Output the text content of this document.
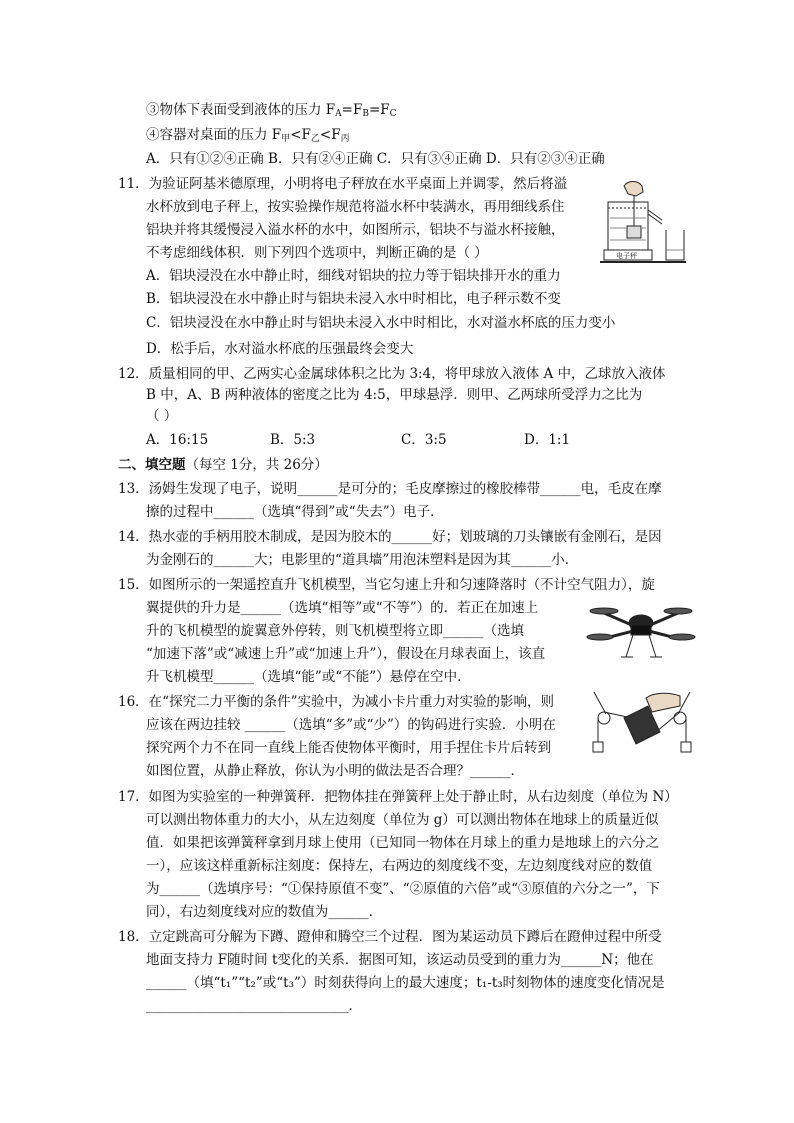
③物体下表面受到液体的压力 $F_A=F_B=F_C$
④容器对桌面的压力 $F_甲<F_乙<F_丙$
A．只有①②④正确 B．只有②④正确 C．只有③④正确 D．只有②③④正确
11．为验证阿基米德原理，小明将电子秤放在水平桌面上并调零，然后将溢
水杯放到电子秤上，按实验操作规范将溢水杯中装满水，再用细线系住
铝块并将其缓慢浸入溢水杯的水中，如图所示，铝块不与溢水杯接触，
不考虑细线体积．则下列四个选项中，判断正确的是（ ）
A．铝块浸没在水中静止时，细线对铝块的拉力等于铝块排开水的重力
B．铝块浸没在水中静止时与铝块未浸入水中时相比，电子秤示数不变
C．铝块浸没在水中静止时与铝块未浸入水中时相比，水对溢水杯底的压力变小
D．松手后，水对溢水杯底的压强最终会变大
电子秤
12．质量相同的甲、乙两实心金属球体积之比为 3:4，将甲球放入液体 A 中，乙球放入液体
B 中，A、B 两种液体的密度之比为 4:5，甲球悬浮．则甲、乙两球所受浮力之比为
（ ）
A．16:15	B．5:3	C．3:5	D．1:1
二、填空题（每空 1分，共 26分）
13．汤姆生发现了电子，说明______是可分的；毛皮摩擦过的橡胶棒带______电，毛皮在摩
擦的过程中______（选填“得到”或“失去”）电子．
14．热水壶的手柄用胶木制成，是因为胶木的______好；划玻璃的刀头镶嵌有金刚石，是因
为金刚石的______大；电影里的“道具墙”用泡沫塑料是因为其______小．
15．如图所示的一架遥控直升飞机模型，当它匀速上升和匀速降落时（不计空气阻力），旋
翼提供的升力是______（选填“相等”或“不等”）的．若正在加速上
升的飞机模型的旋翼意外停转，则飞机模型将立即______（选填
“加速下落”或“减速上升”或“加速上升”），假设在月球表面上，该直
升飞机模型______（选填“能”或“不能”）悬停在空中．
16．在“探究二力平衡的条件”实验中，为减小卡片重力对实验的影响，则
应该在两边挂较 ______（选填“多”或“少”）的钩码进行实验．小明在
探究两个力不在同一直线上能否使物体平衡时，用手捏住卡片后转到
如图位置，从静止释放，你认为小明的做法是否合理？______．
17．如图为实验室的一种弹簧秤．把物体挂在弹簧秤上处于静止时，从右边刻度（单位为 N）
可以测出物体重力的大小，从左边刻度（单位为 g）可以测出物体在地球上的质量近似
值．如果把该弹簧秤拿到月球上使用（已知同一物体在月球上的重力是地球上的六分之
一），应该这样重新标注刻度：保持左，右两边的刻度线不变，左边刻度线对应的数值
为______（选填序号：“①保持原值不变”、“②原值的六倍”或“③原值的六分之一”，下
同），右边刻度线对应的数值为______．
18．立定跳高可分解为下蹲、蹬伸和腾空三个过程．图为某运动员下蹲后在蹬伸过程中所受
地面支持力 F随时间 t变化的关系．据图可知，该运动员受到的重力为______N；他在
______（填“t₁”“t₂”或“t₃”）时刻获得向上的最大速度；t₁-t₃时刻物体的速度变化情况是
______________________________．
